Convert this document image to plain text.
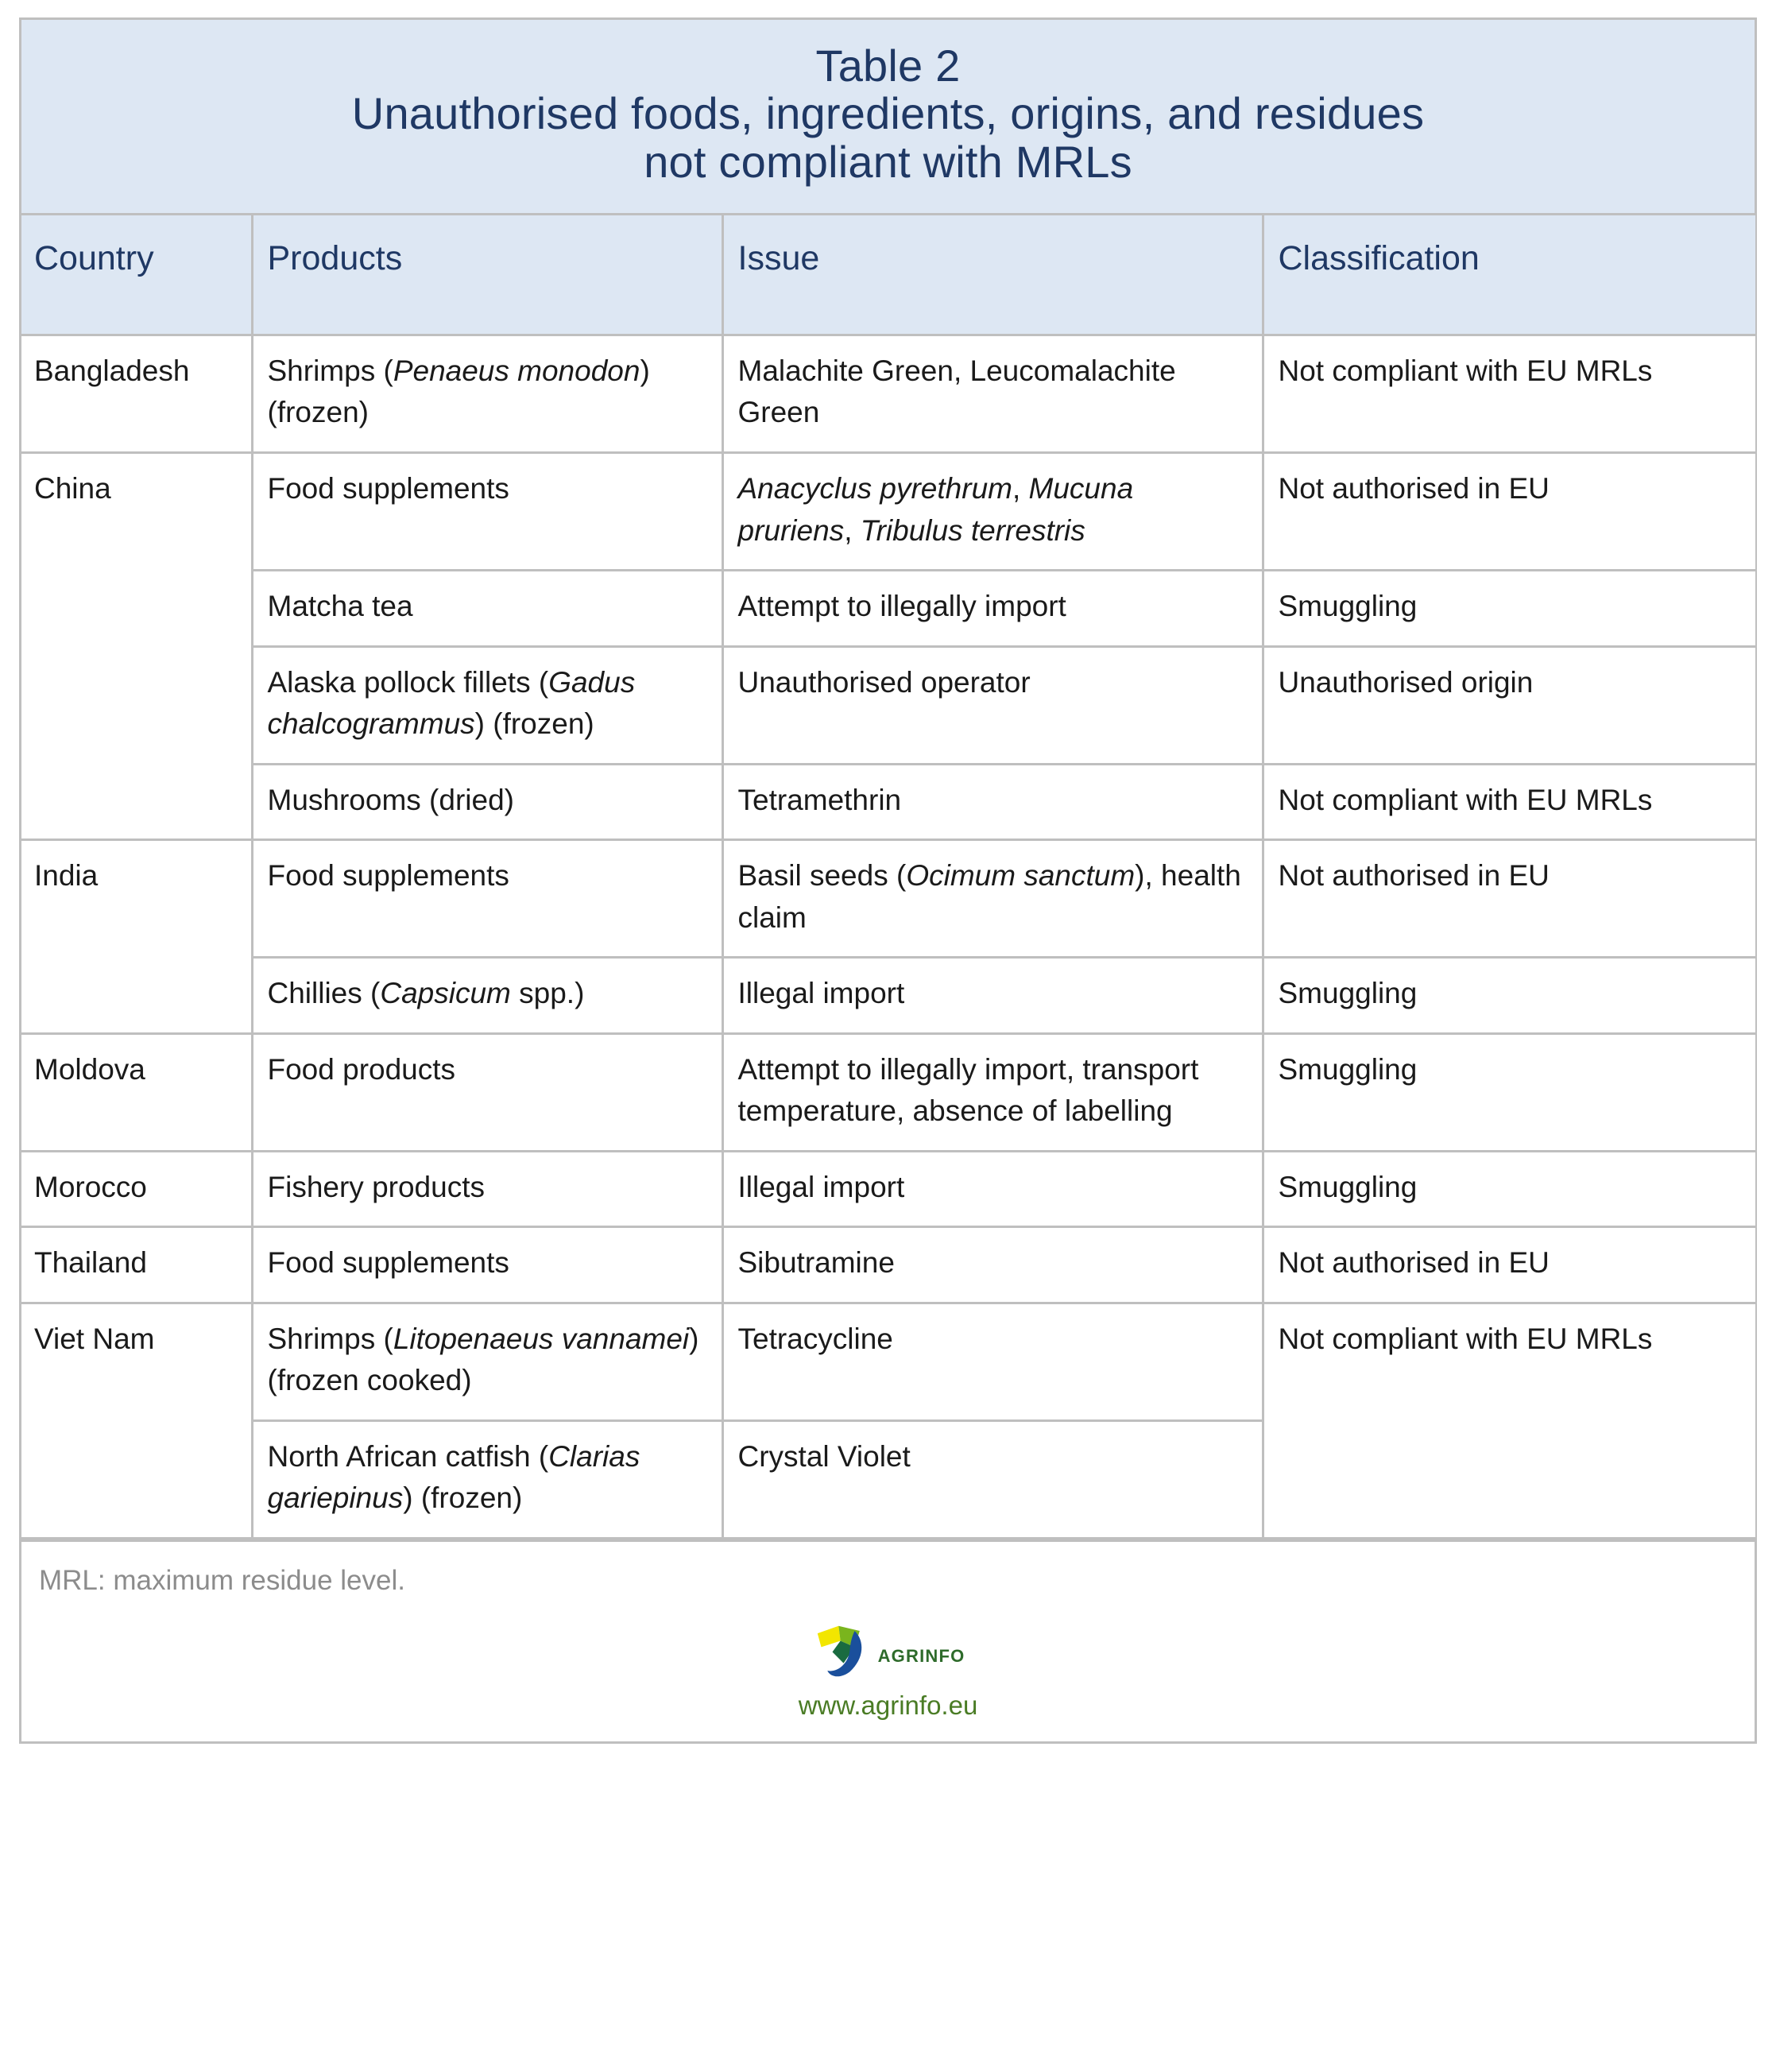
Table 2
Unauthorised foods, ingredients, origins, and residues
not compliant with MRLs
Country	Products	Issue	Classification
Bangladesh	Shrimps (Penaeus monodon) (frozen)	Malachite Green, Leucomalachite Green	Not compliant with EU MRLs
China	Food supplements	Anacyclus pyrethrum, Mucuna pruriens, Tribulus terrestris	Not authorised in EU
	Matcha tea	Attempt to illegally import	Smuggling
	Alaska pollock fillets (Gadus chalcogrammus) (frozen)	Unauthorised operator	Unauthorised origin
	Mushrooms (dried)	Tetramethrin	Not compliant with EU MRLs
India	Food supplements	Basil seeds (Ocimum sanctum), health claim	Not authorised in EU
	Chillies (Capsicum spp.)	Illegal import	Smuggling
Moldova	Food products	Attempt to illegally import, transport temperature, absence of labelling	Smuggling
Morocco	Fishery products	Illegal import	Smuggling
Thailand	Food supplements	Sibutramine	Not authorised in EU
Viet Nam	Shrimps (Litopenaeus vannamei) (frozen cooked)	Tetracycline	Not compliant with EU MRLs
	North African catfish (Clarias gariepinus) (frozen)	Crystal Violet	
MRL: maximum residue level.
AGRINFO
www.agrinfo.eu
